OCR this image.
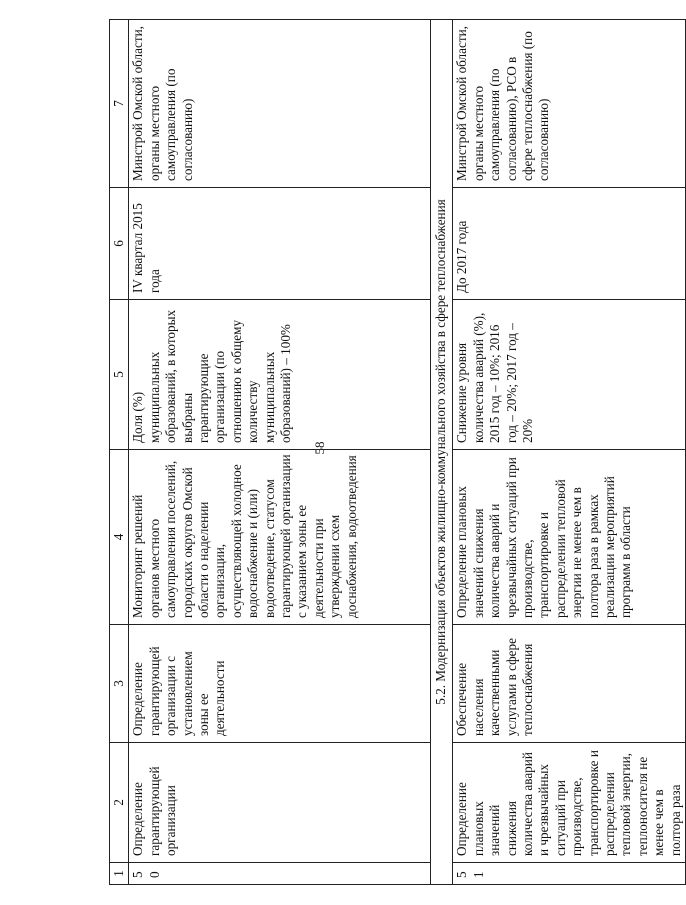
58
1	2	3	4	5	6	7
50	Определение гарантирующей организации	Определение гарантирующей организации с установлением зоны ее деятельности	Мониторинг решений органов местного самоуправления поселений, городских округов Омской области о наделении организации, осуществляющей холодное водоснабжение и (или) водоотведение, статусом гарантирующей организации с указанием зоны ее деятельности при утверждении схем доснабжения, водоотведения	Доля (%) муниципальных образований, в которых выбраны гарантирующие организации (по отношению к общему количеству муниципальных образований) – 100%	IV квартал 2015 года	Минстрой Омской области, органы местного самоуправления (по согласованию)
5.2. Модернизация объектов жилищно-коммунального хозяйства в сфере теплоснабжения						
51	Определение плановых значений снижения количества аварий и чрезвычайных ситуаций при производстве, транспортировке и распределении тепловой энергии, теплоносителя не менее чем в полтора раза	Обеспечение населения качественными услугами в сфере теплоснабжения	Определение плановых значений снижения количества аварий и чрезвычайных ситуаций при производстве, транспортировке и распределении тепловой энергии не менее чем в полтора раза в рамках реализации мероприятий программ в области	Снижение уровня количества аварий (%), 2015 год – 10%; 2016 год – 20%; 2017 год – 20%	До 2017 года	Минстрой Омской области, органы местного самоуправления (по согласованию), РСО в сфере теплоснабжения (по согласованию)
